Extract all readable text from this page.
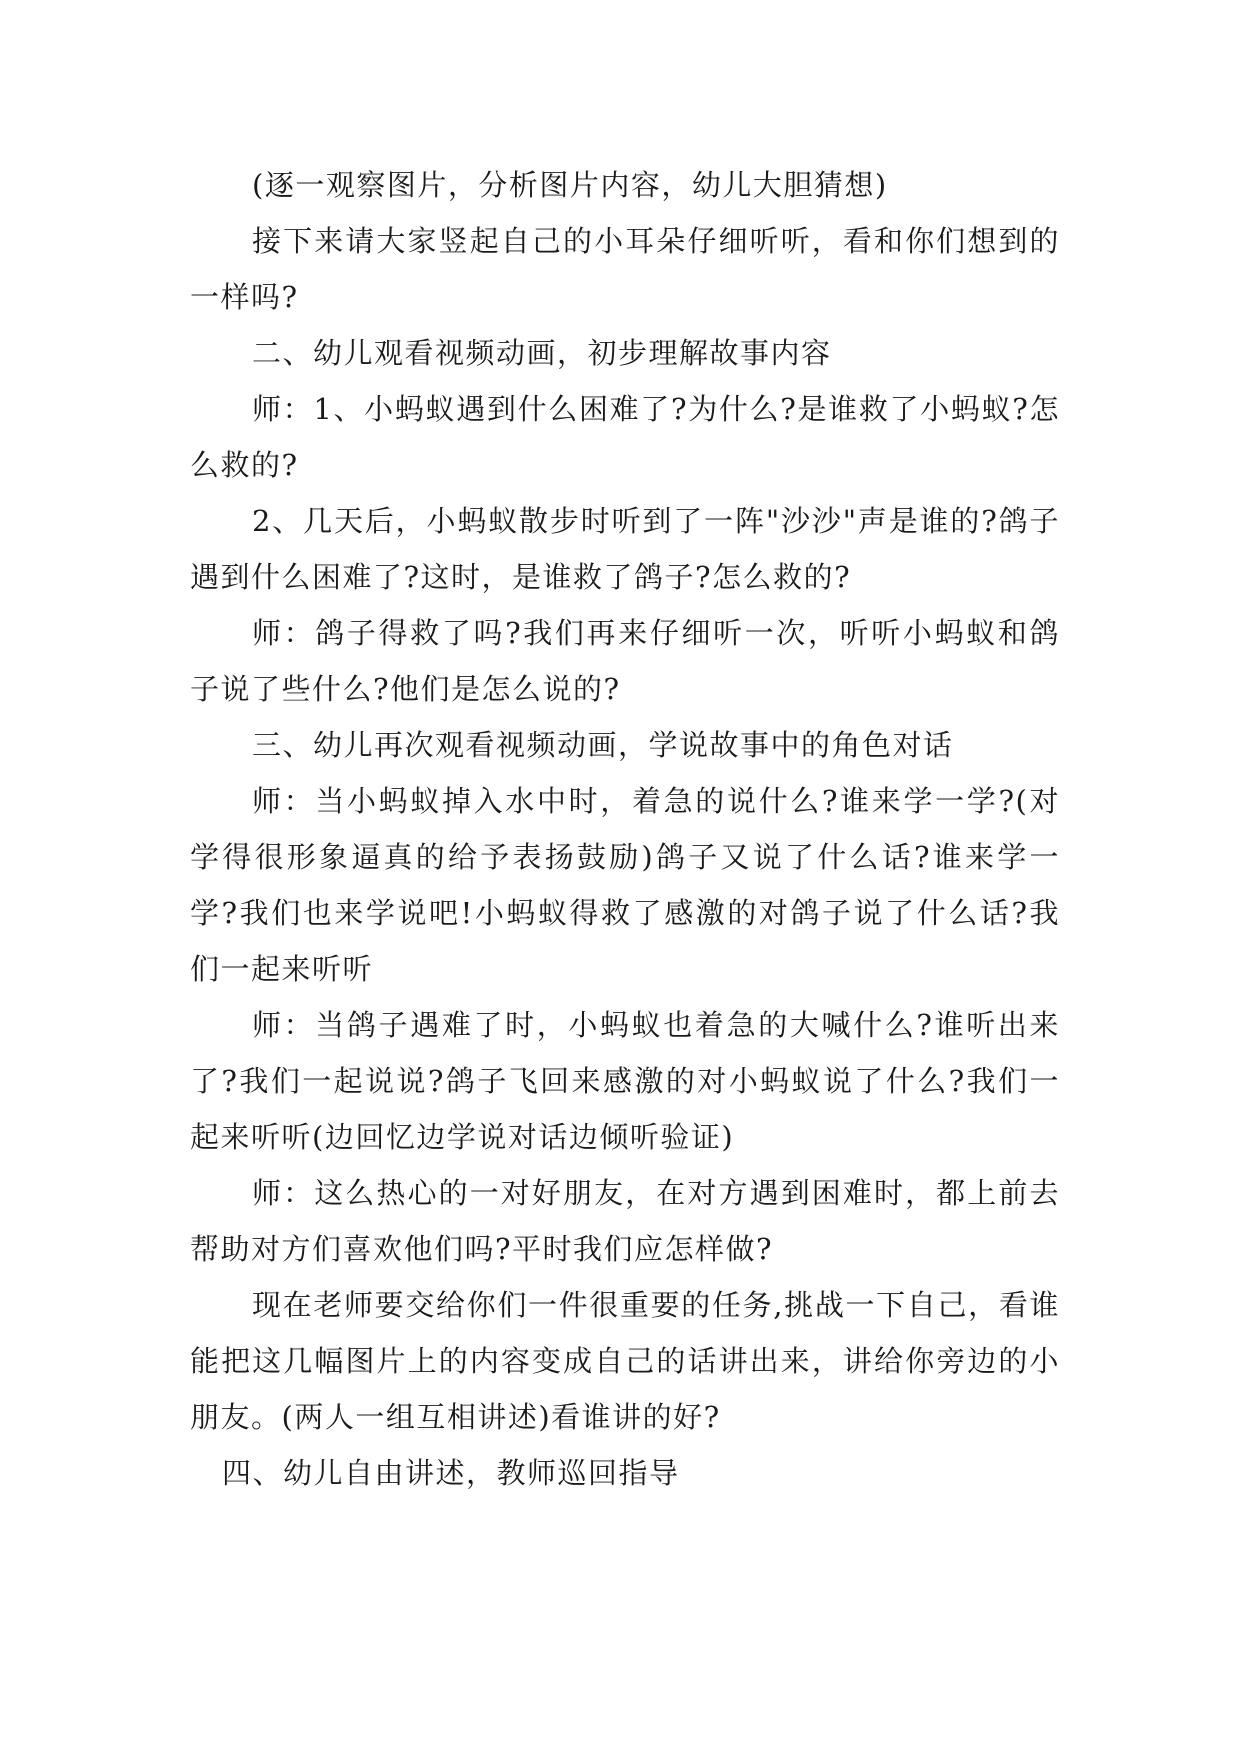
(逐一观察图片，分析图片内容，幼儿大胆猜想)

接下来请大家竖起自己的小耳朵仔细听听，看和你们想到的一样吗?

二、幼儿观看视频动画，初步理解故事内容

师：1、小蚂蚁遇到什么困难了?为什么?是谁救了小蚂蚁?怎么救的?

2、几天后，小蚂蚁散步时听到了一阵"沙沙"声是谁的?鸽子遇到什么困难了?这时，是谁救了鸽子?怎么救的?

师：鸽子得救了吗?我们再来仔细听一次，听听小蚂蚁和鸽子说了些什么?他们是怎么说的?

三、幼儿再次观看视频动画，学说故事中的角色对话

师：当小蚂蚁掉入水中时，着急的说什么?谁来学一学?(对学得很形象逼真的给予表扬鼓励)鸽子又说了什么话?谁来学一学?我们也来学说吧!小蚂蚁得救了感激的对鸽子说了什么话?我们一起来听听

师：当鸽子遇难了时，小蚂蚁也着急的大喊什么?谁听出来了?我们一起说说?鸽子飞回来感激的对小蚂蚁说了什么?我们一起来听听(边回忆边学说对话边倾听验证)

师：这么热心的一对好朋友，在对方遇到困难时，都上前去帮助对方们喜欢他们吗?平时我们应怎样做?

现在老师要交给你们一件很重要的任务,挑战一下自己，看谁能把这几幅图片上的内容变成自己的话讲出来，讲给你旁边的小朋友。(两人一组互相讲述)看谁讲的好?

四、幼儿自由讲述，教师巡回指导
